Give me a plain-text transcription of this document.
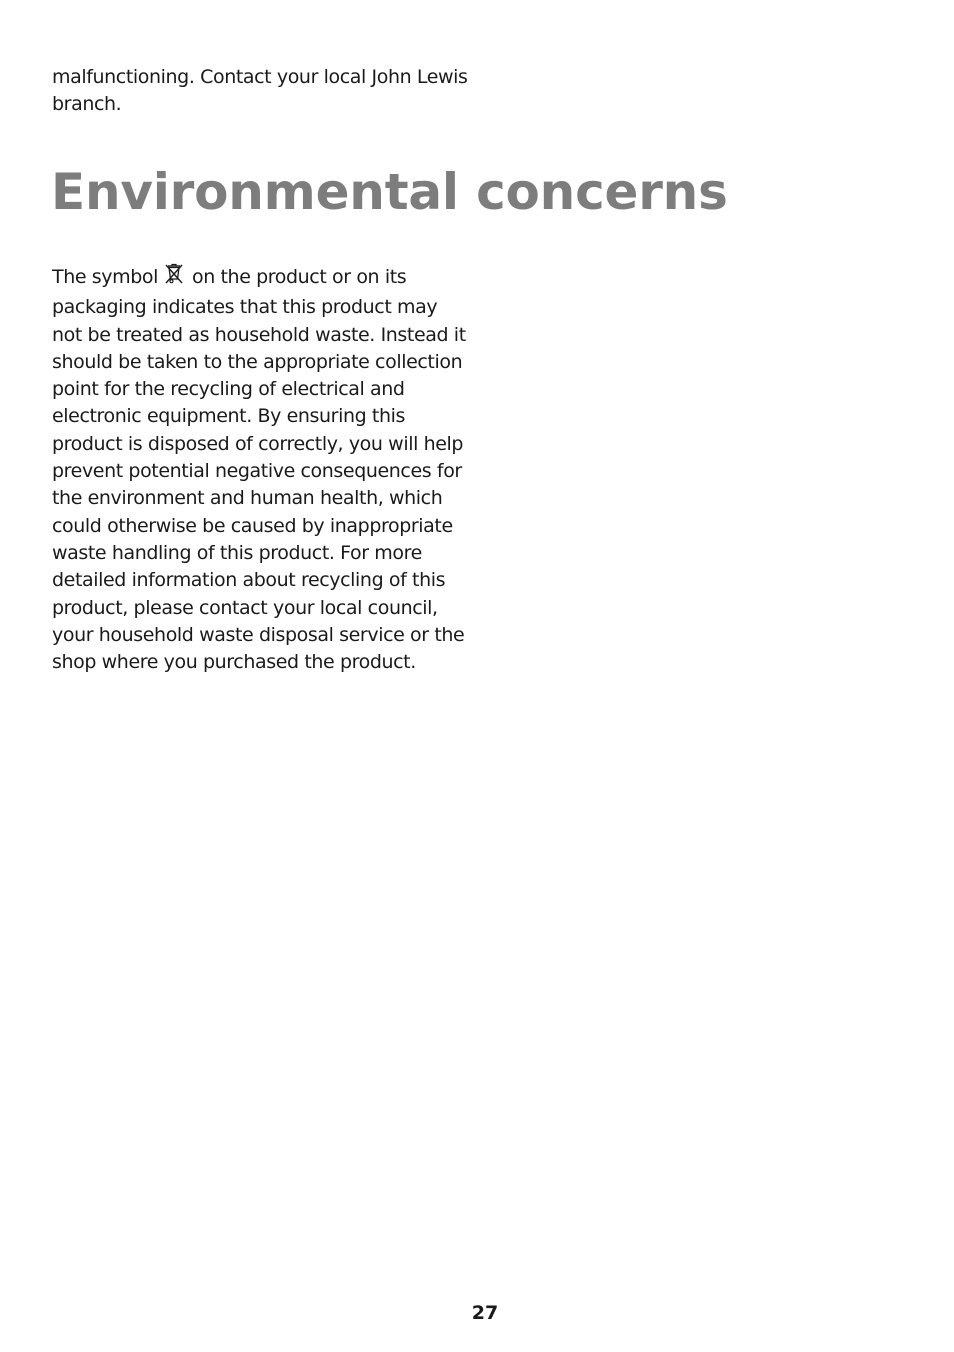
malfunctioning. Contact your local John Lewis branch.

Environmental concerns

The symbol on the product or on its packaging indicates that this product may not be treated as household waste. Instead it should be taken to the appropriate collection point for the recycling of electrical and electronic equipment. By ensuring this product is disposed of correctly, you will help prevent potential negative consequences for the environment and human health, which could otherwise be caused by inappropriate waste handling of this product. For more detailed information about recycling of this product, please contact your local council, your household waste disposal service or the shop where you purchased the product.

27
